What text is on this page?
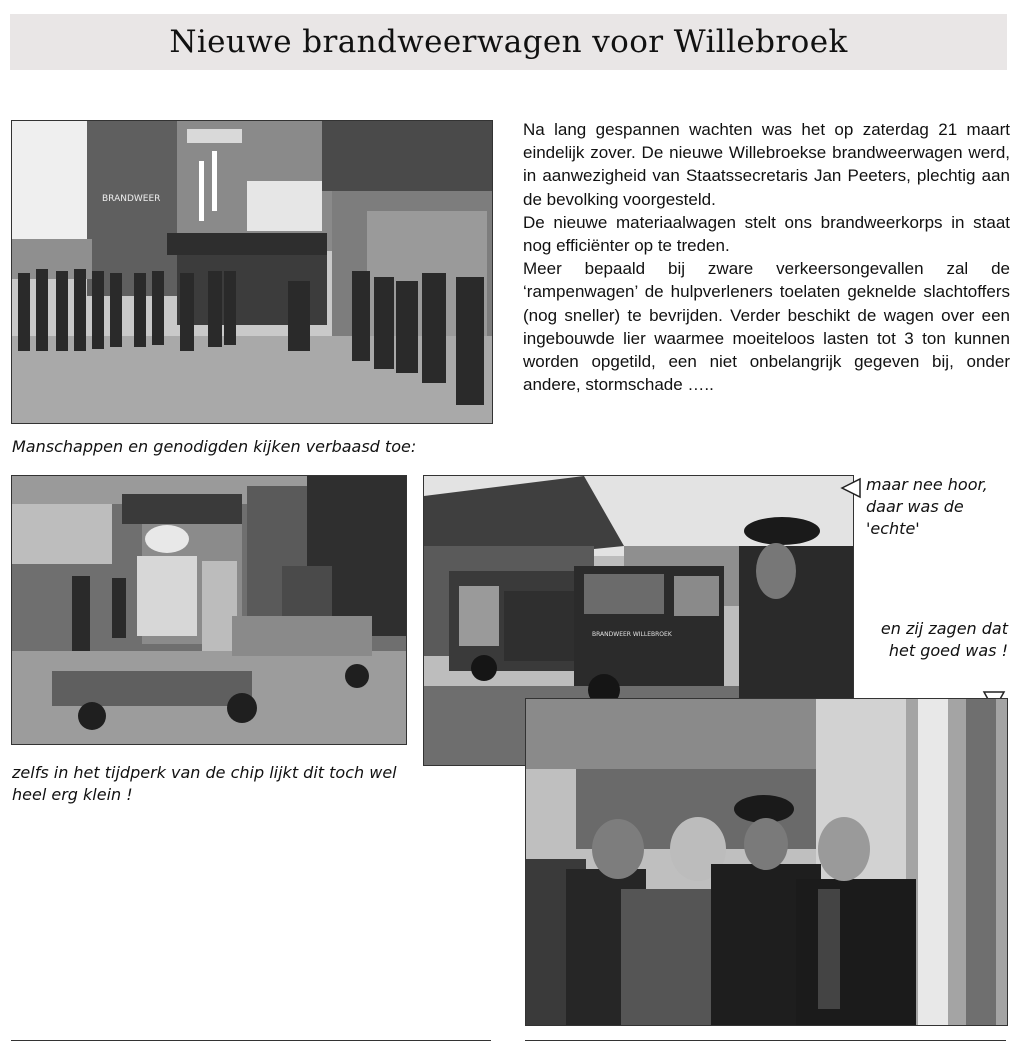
Nieuwe brandweerwagen voor Willebroek
BRANDWEER

Na lang gespannen wachten was het op zaterdag 21 maart eindelijk zover. De nieuwe Willebroekse brandweerwagen werd, in aanwezigheid van Staatssecretaris Jan Peeters, plechtig aan de bevolking voorgesteld.

De nieuwe materiaalwagen stelt ons brandweerkorps in staat nog efficiënter op te treden.

Meer bepaald bij zware verkeersongevallen zal de ‘rampenwagen’ de hulpverleners toelaten geknelde slachtoffers (nog sneller) te bevrijden. Verder beschikt de wagen over een ingebouwde lier waarmee moeiteloos lasten tot 3 ton kunnen worden opgetild, een niet onbelangrijk gegeven bij, onder andere, stormschade …..

Manschappen en genodigden kijken verbaasd toe:

zelfs in het tijdperk van de chip lijkt dit toch wel heel erg klein !

BRANDWEER WILLEBROEK

maar nee hoor, daar was de 'echte'

en zij zagen dat het goed was !
